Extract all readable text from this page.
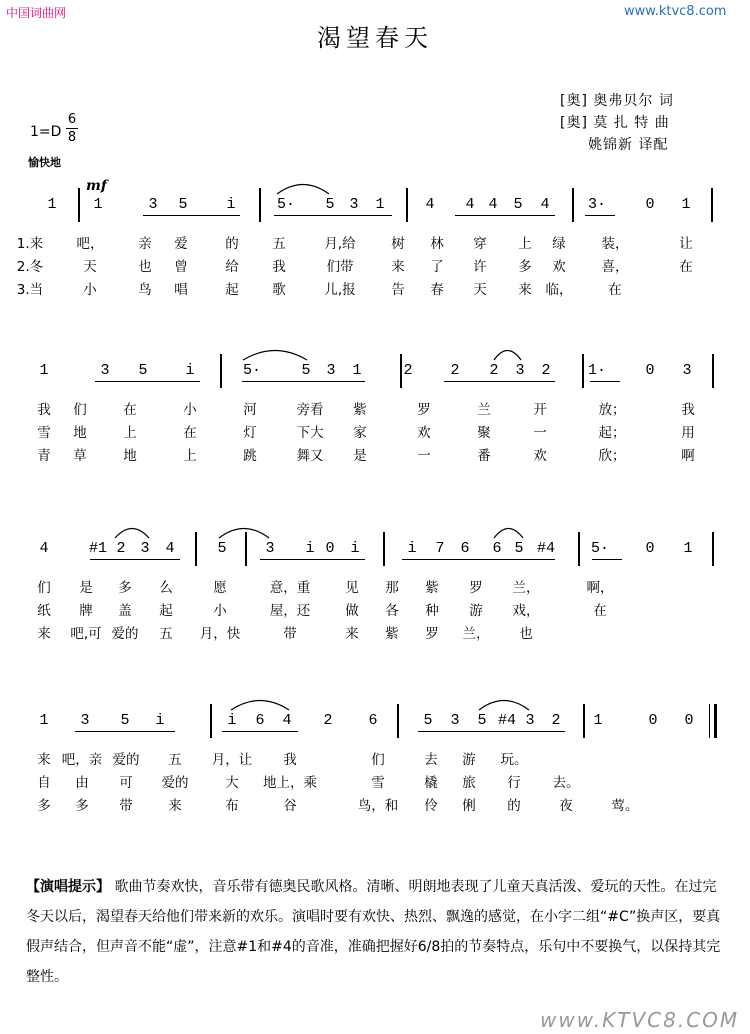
中国词曲网	www.ktvc8.com
渴望春天
[奥] 奥弗贝尔 词
[奥] 莫 扎 特 曲
姚锦新 译配
1=D
6
8
愉快地
mf
1 1	3 5	i	5· 5 3 1	4 4 4 5 4	3·	0 1
1.来 吧，	亲 爱	的 五	月,给	树 林 穿 上 绿	装，	让
2.冬	天	也 曾	给 我	们带	来 了 许 多 欢	喜，	在
3.当	小	鸟 唱	起 歌	儿,报	告 春 天 来 临，	在
1	3 5	i	5·	5 3 1	2	2 2 3 2 1·	0 3
我 们	在	小	河	旁看 紫	罗	兰	开	放；	我
雪 地	上	在	灯	下大 家	欢	聚	一	起；	用
青 草	地	上	跳	舞又 是	一	番	欢	欣；	啊
4	#1 2 3 4	5	3 i 0 i	i 7 6 6 5 #4 5· 0 1
们 是 多 么	愿	意，重	见 那 紫 罗 兰，	啊，
纸 牌 盖 起	小	屋，还	做 各 种 游 戏，	在
来 吧,可 爱的 五 月，快	带	来 紫 罗 兰， 也
1 3 5 i	i 6 4 2 6	5 3 5 #4 3 2 1	0 0
来 吧，亲 爱的 五 月，让 我	们	去 游 玩。
自 由 可 爱的	大 地上，乘	雪	橇 旅 行 去。
多 多 带	来	布	谷	鸟，和 伶 俐 的	夜	莺。
【演唱提示】 歌曲节奏欢快，音乐带有德奥民歌风格。清晰、明朗地表现了儿童天真活泼、爱玩的天性。在过完冬天以后，渴望春天给他们带来新的欢乐。演唱时要有欢快、热烈、飘逸的感觉，在小字二组“#C”换声区，要真假声结合，但声音不能“虚”，注意#1和#4的音准，准确把握好6/8拍的节奏特点，乐句中不要换气，以保持其完整性。
www.KTVC8.COM
